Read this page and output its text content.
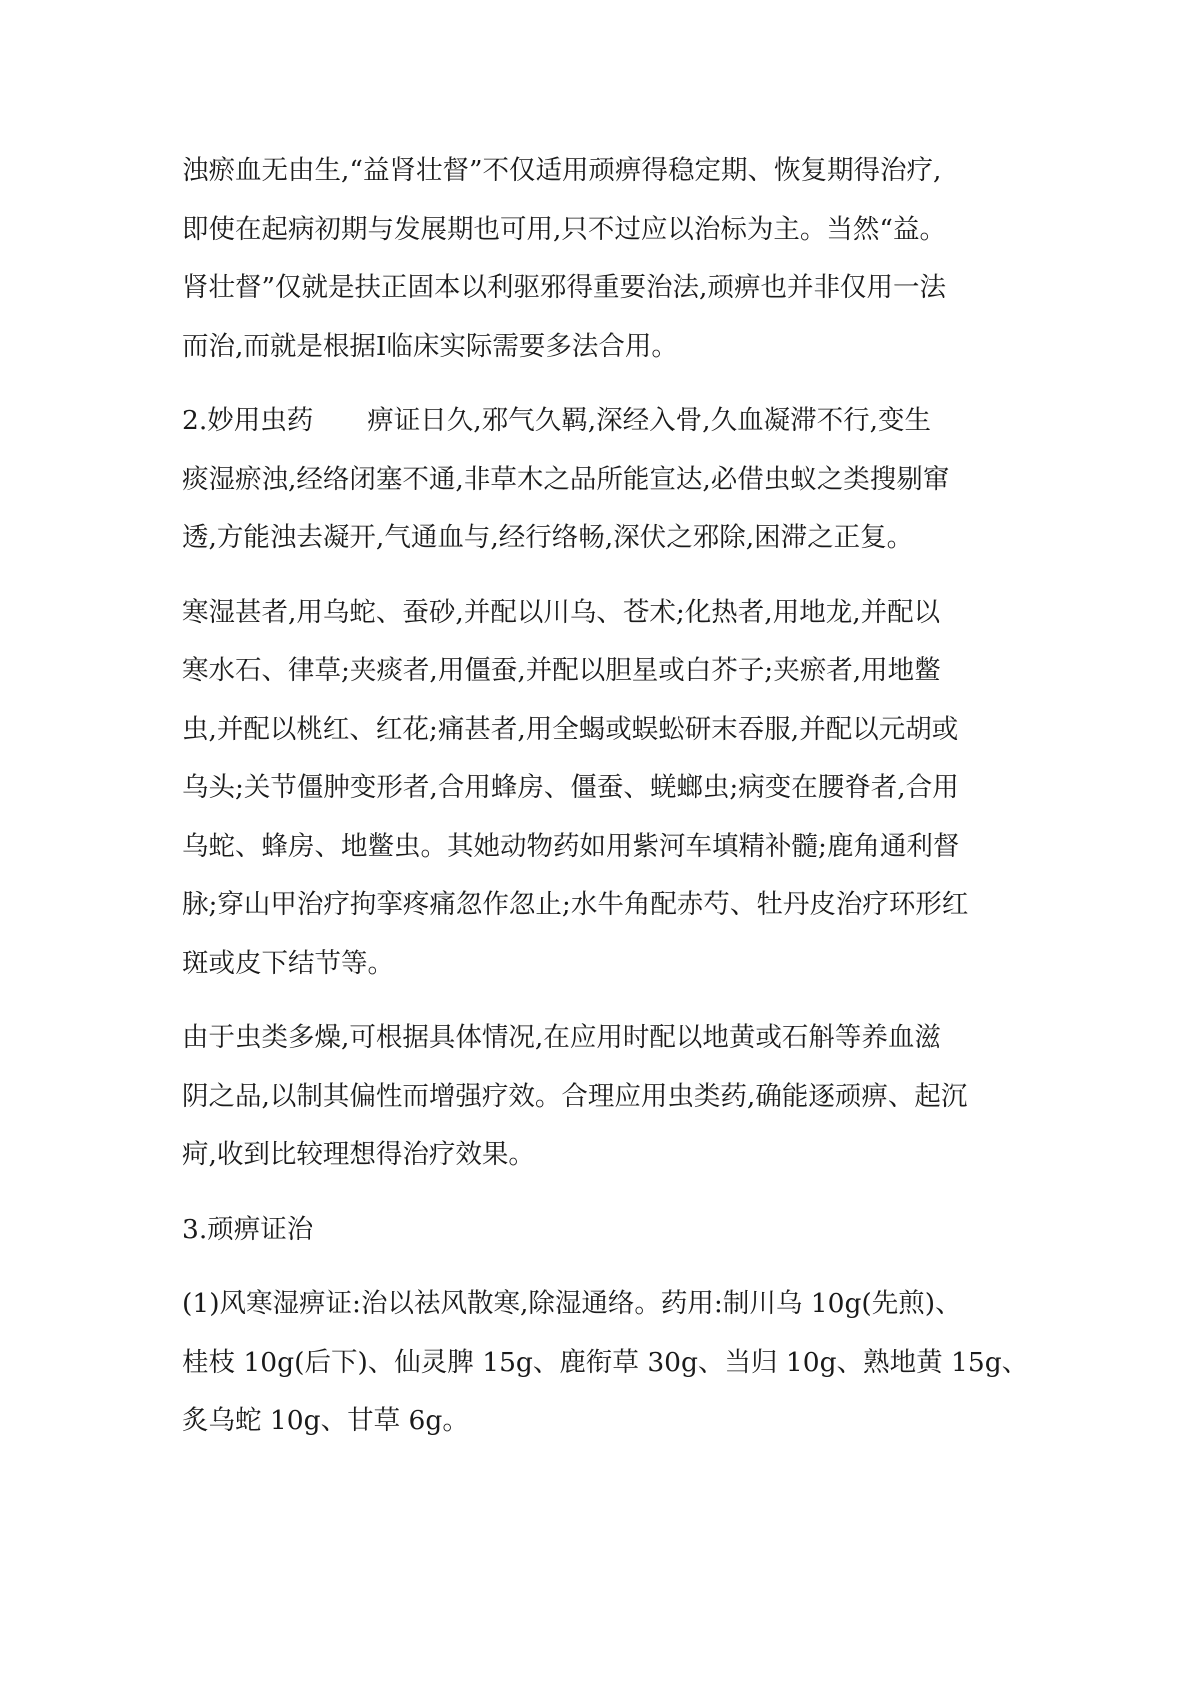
浊瘀血无由生,“益肾壮督”不仅适用顽痹得稳定期、恢复期得治疗,
即使在起病初期与发展期也可用,只不过应以治标为主。当然“益。
肾壮督”仅就是扶正固本以利驱邪得重要治法,顽痹也并非仅用一法
而治,而就是根据Ⅰ临床实际需要多法合用。

2.妙用虫药 痹证日久,邪气久羁,深经入骨,久血凝滞不行,变生
痰湿瘀浊,经络闭塞不通,非草木之品所能宣达,必借虫蚁之类搜剔窜
透,方能浊去凝开,气通血与,经行络畅,深伏之邪除,困滞之正复。

寒湿甚者,用乌蛇、蚕砂,并配以川乌、苍术;化热者,用地龙,并配以
寒水石、律草;夹痰者,用僵蚕,并配以胆星或白芥子;夹瘀者,用地鳖
虫,并配以桃红、红花;痛甚者,用全蝎或蜈蚣研末吞服,并配以元胡或
乌头;关节僵肿变形者,合用蜂房、僵蚕、蜣螂虫;病变在腰脊者,合用
乌蛇、蜂房、地鳖虫。其她动物药如用紫河车填精补髓;鹿角通利督
脉;穿山甲治疗拘挛疼痛忽作忽止;水牛角配赤芍、牡丹皮治疗环形红
斑或皮下结节等。

由于虫类多燥,可根据具体情况,在应用时配以地黄或石斛等养血滋
阴之品,以制其偏性而增强疗效。合理应用虫类药,确能逐顽痹、起沉
疴,收到比较理想得治疗效果。

3.顽痹证治

(1)风寒湿痹证:治以祛风散寒,除湿通络。药用:制川乌 10g(先煎)、
桂枝 10g(后下)、仙灵脾 15g、鹿衔草 30g、当归 10g、熟地黄 15g、
炙乌蛇 10g、甘草 6g。
